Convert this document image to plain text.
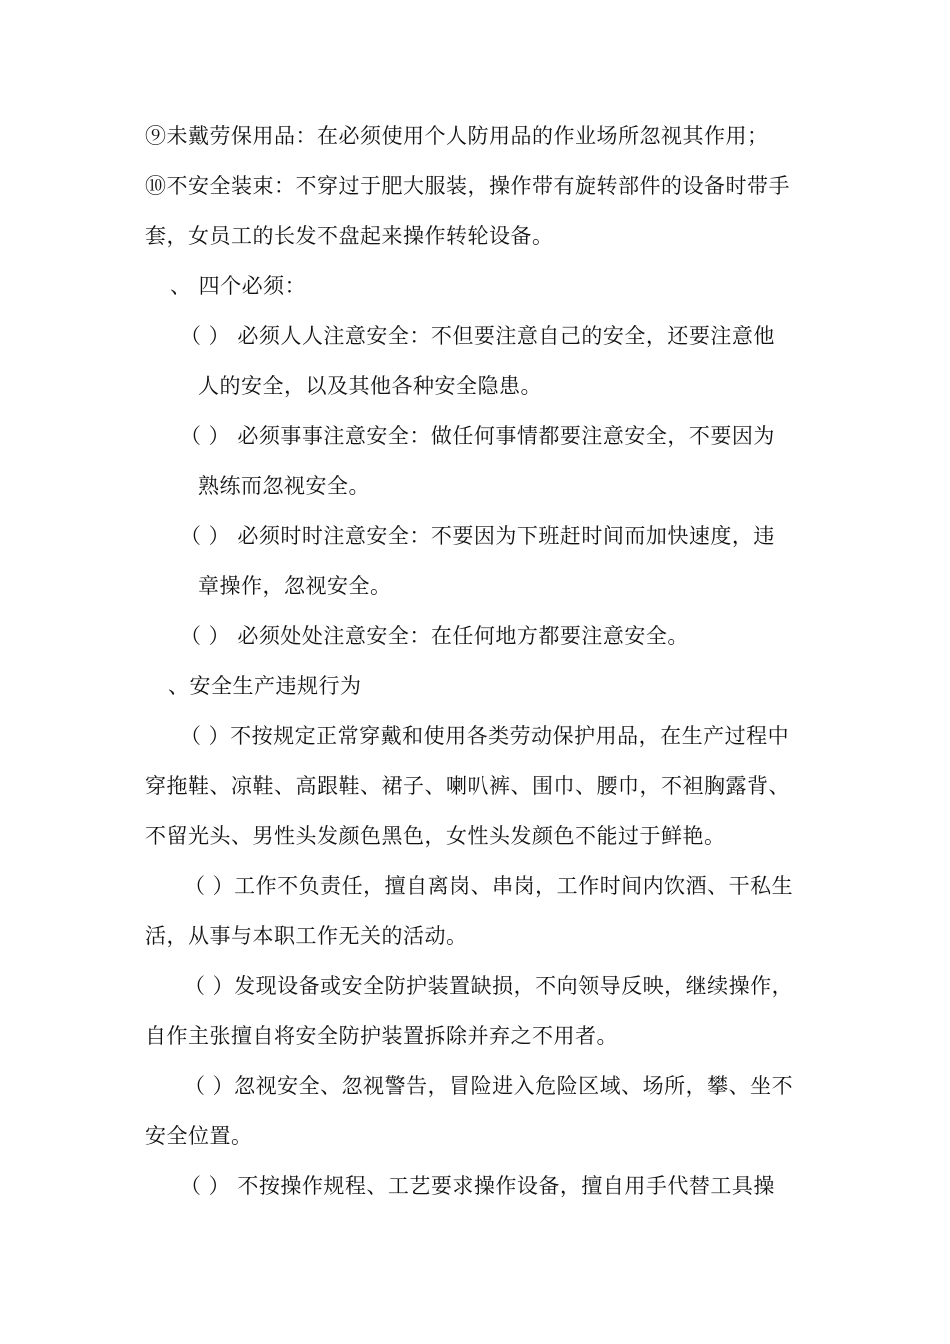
⑨未戴劳保用品：在必须使用个人防用品的作业场所忽视其作用；
⑩不安全装束：不穿过于肥大服装，操作带有旋转部件的设备时带手
套，女员工的长发不盘起来操作转轮设备。
、 四个必须：
（ ） 必须人人注意安全：不但要注意自己的安全，还要注意他
人的安全，以及其他各种安全隐患。
（ ） 必须事事注意安全：做任何事情都要注意安全，不要因为
熟练而忽视安全。
（ ） 必须时时注意安全：不要因为下班赶时间而加快速度，违
章操作，忽视安全。
（ ） 必须处处注意安全：在任何地方都要注意安全。
、安全生产违规行为
（ ）不按规定正常穿戴和使用各类劳动保护用品，在生产过程中
穿拖鞋、凉鞋、高跟鞋、裙子、喇叭裤、围巾、腰巾，不袒胸露背、
不留光头、男性头发颜色黑色，女性头发颜色不能过于鲜艳。
（ ）工作不负责任，擅自离岗、串岗，工作时间内饮酒、干私生
活，从事与本职工作无关的活动。
（ ）发现设备或安全防护装置缺损，不向领导反映，继续操作，
自作主张擅自将安全防护装置拆除并弃之不用者。
（ ）忽视安全、忽视警告，冒险进入危险区域、场所，攀、坐不
安全位置。
（ ） 不按操作规程、工艺要求操作设备，擅自用手代替工具操
